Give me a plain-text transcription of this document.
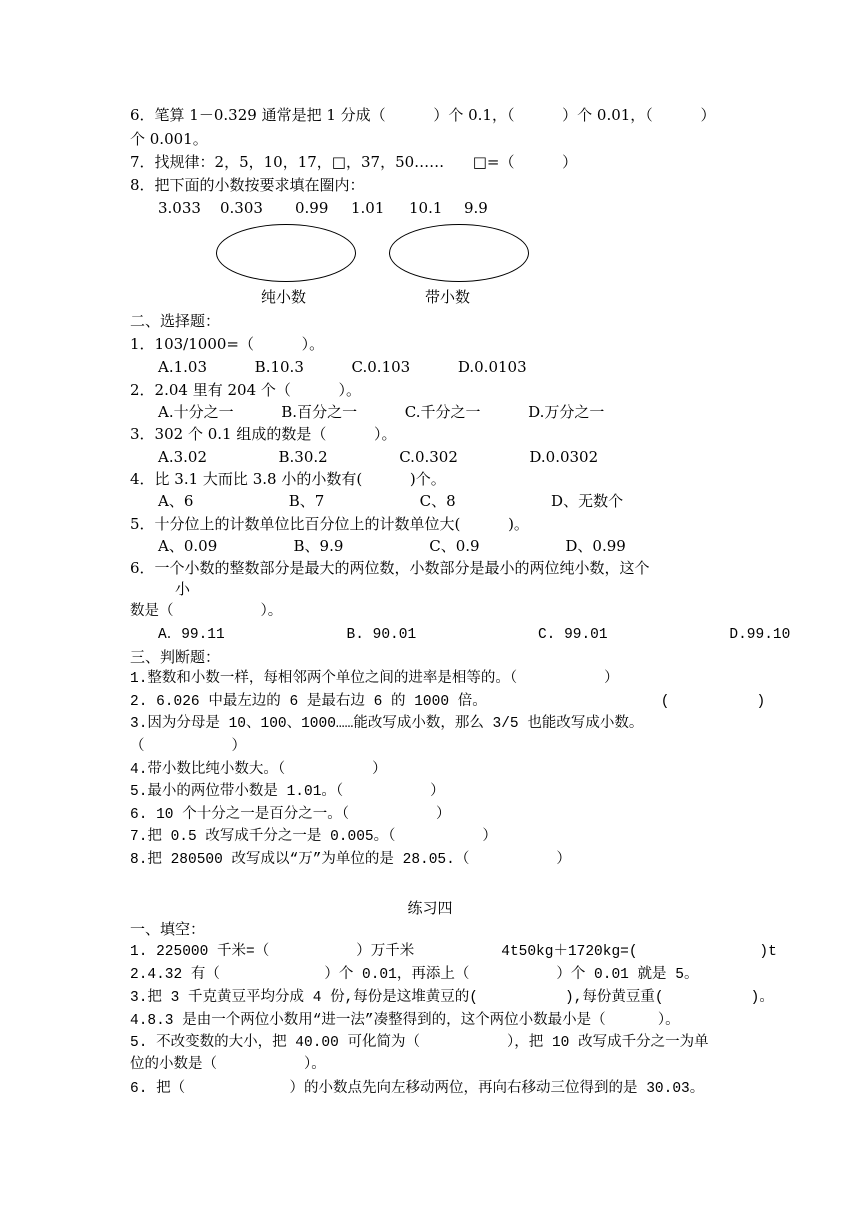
6．笔算 1－0.329 通常是把 1 分成（          ）个 0.1，（          ）个 0.01，（          ）
个 0.001。
7．找规律：2，5，10，17，□，37，50……      □=（          ）
8．把下面的小数按要求填在圈内：
3.033 0.303 0.99 1.01 10.1 9.9
纯小数	带小数
二、选择题：
1．103/1000=（          ）。
A.1.03          B.10.3          C.0.103          D.0.0103
2．2.04 里有 204 个（          ）。
A.十分之一          B.百分之一          C.千分之一          D.万分之一
3．302 个 0.1 组成的数是（          ）。
A.3.02               B.30.2               C.0.302               D.0.0302
4．比 3.1 大而比 3.8 小的小数有(          )个。
A、6                    B、7                    C、8                    D、无数个
5．十分位上的计数单位比百分位上的计数单位大(          )。
A、0.09                B、9.9                  C、0.9                  D、0.99
6．一个小数的整数部分是最大的两位数，小数部分是最小的两位纯小数，这个
小
数是（          ）。
A．99.11              B. 90.01              C. 99.01              D.99.10
三、判断题：
1.整数和小数一样，每相邻两个单位之间的进率是相等的。（          ）
2. 6.026 中最左边的 6 是最右边 6 的 1000 倍。                    (          )
3.因为分母是 10、100、1000……能改写成小数，那么 3/5 也能改写成小数。
（          ）
4.带小数比纯小数大。（          ）
5.最小的两位带小数是 1.01。（          ）
6. 10 个十分之一是百分之一。（          ）
7.把 0.5 改写成千分之一是 0.005。（          ）
8.把 280500 改写成以“万”为单位的是 28.05.（          ）
练习四
一、填空：
1. 225000 千米=（          ）万千米          4t50kg＋1720kg=(              )t
2.4.32 有（            ）个 0.01，再添上（          ）个 0.01 就是 5。
3.把 3 千克黄豆平均分成 4 份,每份是这堆黄豆的(          ),每份黄豆重(          )。
4.8.3 是由一个两位小数用“进一法”凑整得到的，这个两位小数最小是（      ）。
5. 不改变数的大小，把 40.00 可化简为（          ），把 10 改写成千分之一为单
位的小数是（          ）。
6. 把（            ）的小数点先向左移动两位，再向右移动三位得到的是 30.03。
